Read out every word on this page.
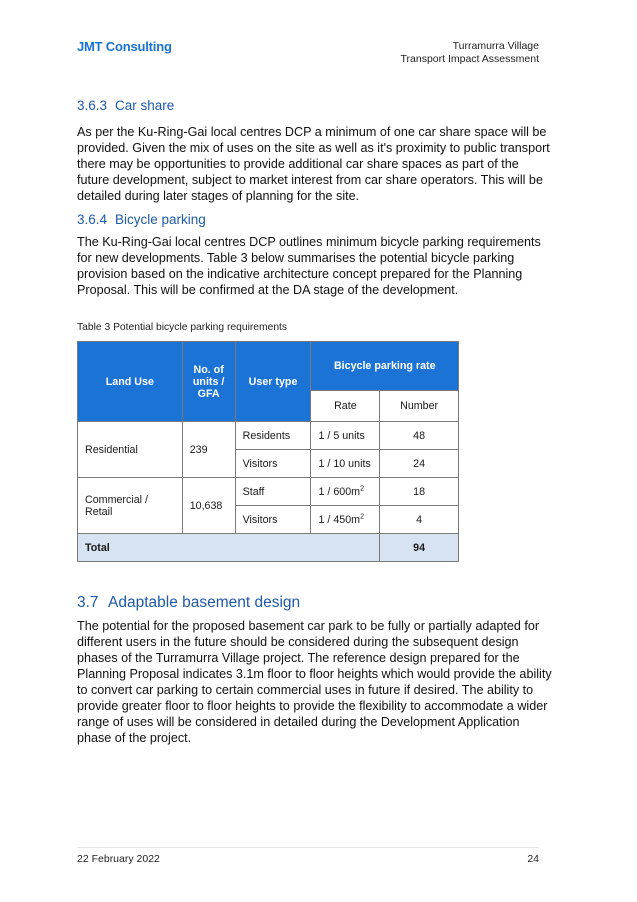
JMT Consulting	Turramurra Village
Transport Impact Assessment
3.6.3 Car share
As per the Ku-Ring-Gai local centres DCP a minimum of one car share space will be provided. Given the mix of uses on the site as well as it's proximity to public transport there may be opportunities to provide additional car share spaces as part of the future development, subject to market interest from car share operators. This will be detailed during later stages of planning for the site.
3.6.4 Bicycle parking
The Ku-Ring-Gai local centres DCP outlines minimum bicycle parking requirements for new developments. Table 3 below summarises the potential bicycle parking provision based on the indicative architecture concept prepared for the Planning Proposal. This will be confirmed at the DA stage of the development.
Table 3 Potential bicycle parking requirements
Land Use	No. of units / GFA	User type	Bicycle parking rate	
			Rate	Number
Residential	239	Residents	1 / 5 units	48
		Visitors	1 / 10 units	24
Commercial / Retail	10,638	Staff	$1 / 600m^2$	18
		Visitors	$1 / 450m^2$	4
Total				94
3.7 Adaptable basement design
The potential for the proposed basement car park to be fully or partially adapted for different users in the future should be considered during the subsequent design phases of the Turramurra Village project. The reference design prepared for the Planning Proposal indicates 3.1m floor to floor heights which would provide the ability to convert car parking to certain commercial uses in future if desired. The ability to provide greater floor to floor heights to provide the flexibility to accommodate a wider range of uses will be considered in detailed during the Development Application phase of the project.
22 February 2022	24
